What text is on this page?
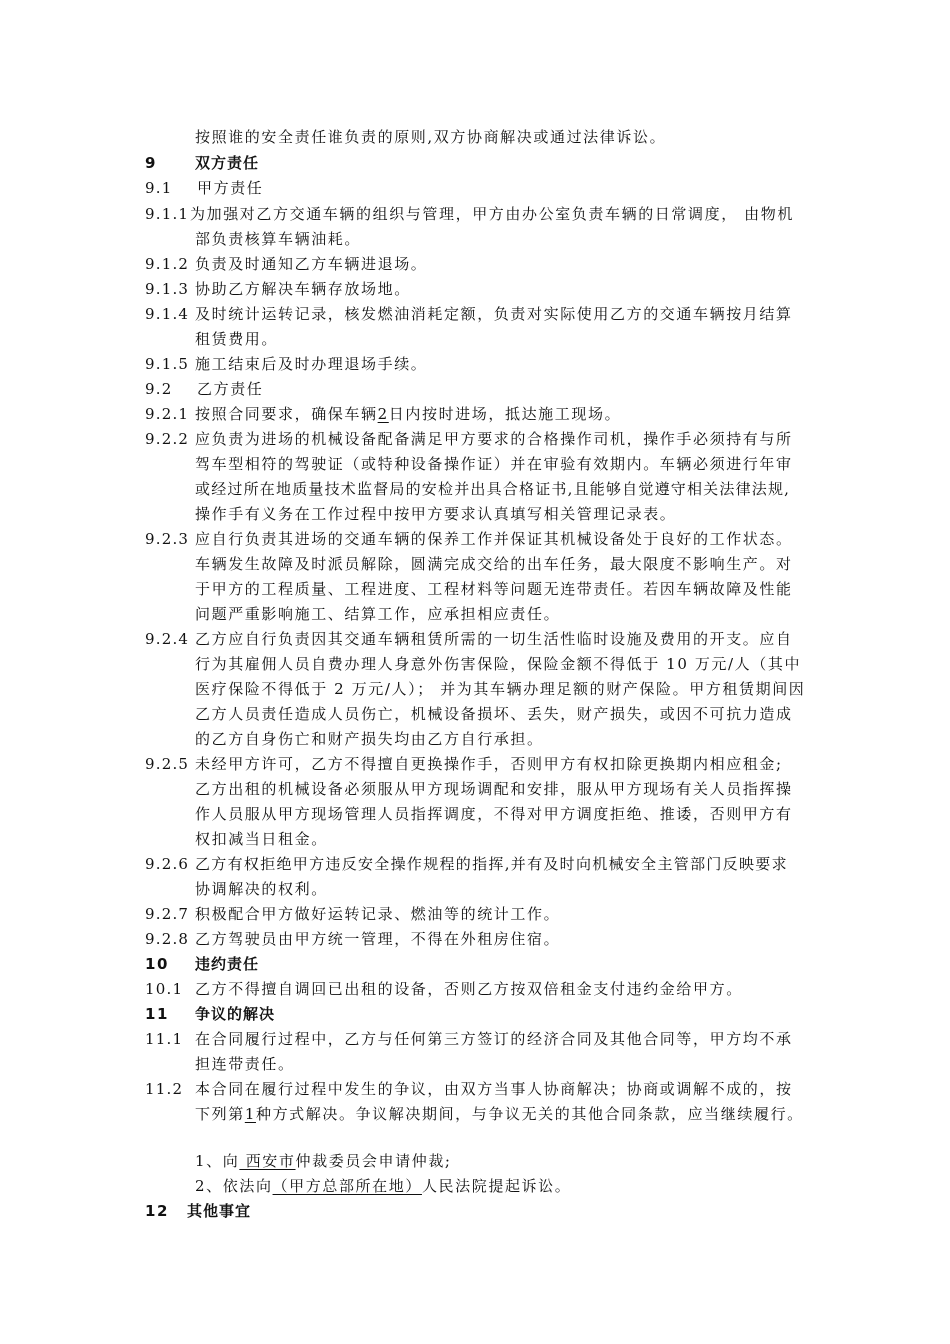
按照谁的安全责任谁负责的原则,双方协商解决或通过法律诉讼。
9	双方责任
9.1 甲方责任
9.1.1 为加强对乙方交通车辆的组织与管理，甲方由办公室负责车辆的日常调度， 由物机
部负责核算车辆油耗。
9.1.2 负责及时通知乙方车辆进退场。
9.1.3 协助乙方解决车辆存放场地。
9.1.4 及时统计运转记录，核发燃油消耗定额，负责对实际使用乙方的交通车辆按月结算
租赁费用。
9.1.5 施工结束后及时办理退场手续。
9.2 乙方责任
9.2.1 按照合同要求，确保车辆2日内按时进场，抵达施工现场。
9.2.2 应负责为进场的机械设备配备满足甲方要求的合格操作司机，操作手必须持有与所
驾车型相符的驾驶证（或特种设备操作证）并在审验有效期内。车辆必须进行年审
或经过所在地质量技术监督局的安检并出具合格证书,且能够自觉遵守相关法律法规,
操作手有义务在工作过程中按甲方要求认真填写相关管理记录表。
9.2.3 应自行负责其进场的交通车辆的保养工作并保证其机械设备处于良好的工作状态。
车辆发生故障及时派员解除，圆满完成交给的出车任务，最大限度不影响生产。对
于甲方的工程质量、工程进度、工程材料等问题无连带责任。若因车辆故障及性能
问题严重影响施工、结算工作，应承担相应责任。
9.2.4 乙方应自行负责因其交通车辆租赁所需的一切生活性临时设施及费用的开支。应自
行为其雇佣人员自费办理人身意外伤害保险，保险金额不得低于 10 万元/人（其中
医疗保险不得低于 2 万元/人）； 并为其车辆办理足额的财产保险。甲方租赁期间因
乙方人员责任造成人员伤亡，机械设备损坏、丢失，财产损失，或因不可抗力造成
的乙方自身伤亡和财产损失均由乙方自行承担。
9.2.5 未经甲方许可，乙方不得擅自更换操作手，否则甲方有权扣除更换期内相应租金;
乙方出租的机械设备必须服从甲方现场调配和安排，服从甲方现场有关人员指挥操
作人员服从甲方现场管理人员指挥调度，不得对甲方调度拒绝、推诿，否则甲方有
权扣减当日租金。
9.2.6 乙方有权拒绝甲方违反安全操作规程的指挥,并有及时向机械安全主管部门反映要求
协调解决的权利。
9.2.7 积极配合甲方做好运转记录、燃油等的统计工作。
9.2.8 乙方驾驶员由甲方统一管理，不得在外租房住宿。
10 违约责任
10.1 乙方不得擅自调回已出租的设备，否则乙方按双倍租金支付违约金给甲方。
11 争议的解决
11.1 在合同履行过程中，乙方与任何第三方签订的经济合同及其他合同等，甲方均不承
担连带责任。
11.2 本合同在履行过程中发生的争议，由双方当事人协商解决；协商或调解不成的，按
下列第1种方式解决。争议解决期间，与争议无关的其他合同条款，应当继续履行。
1、向 西安市仲裁委员会申请仲裁;
2、依法向（甲方总部所在地）人民法院提起诉讼。
12 其他事宜
